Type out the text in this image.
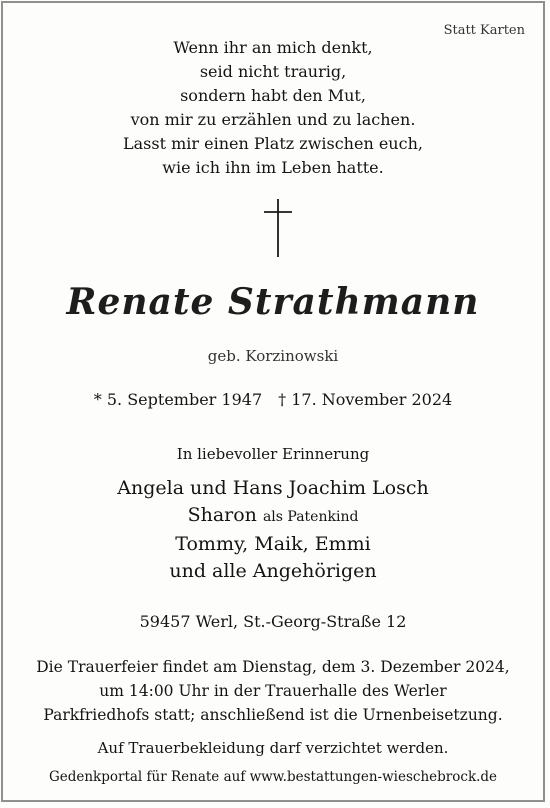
Statt Karten
Wenn ihr an mich denkt,
seid nicht traurig,
sondern habt den Mut,
von mir zu erzählen und zu lachen.
Lasst mir einen Platz zwischen euch,
wie ich ihn im Leben hatte.
Renate Strathmann
geb. Korzinowski
* 5. September 1947 † 17. November 2024
In liebevoller Erinnerung
Angela und Hans Joachim Losch
Sharon als Patenkind
Tommy, Maik, Emmi
und alle Angehörigen
59457 Werl, St.-Georg-Straße 12
Die Trauerfeier findet am Dienstag, dem 3. Dezember 2024,
um 14:00 Uhr in der Trauerhalle des Werler
Parkfriedhofs statt; anschließend ist die Urnenbeisetzung.
Auf Trauerbekleidung darf verzichtet werden.
Gedenkportal für Renate auf www.bestattungen-wieschebrock.de
